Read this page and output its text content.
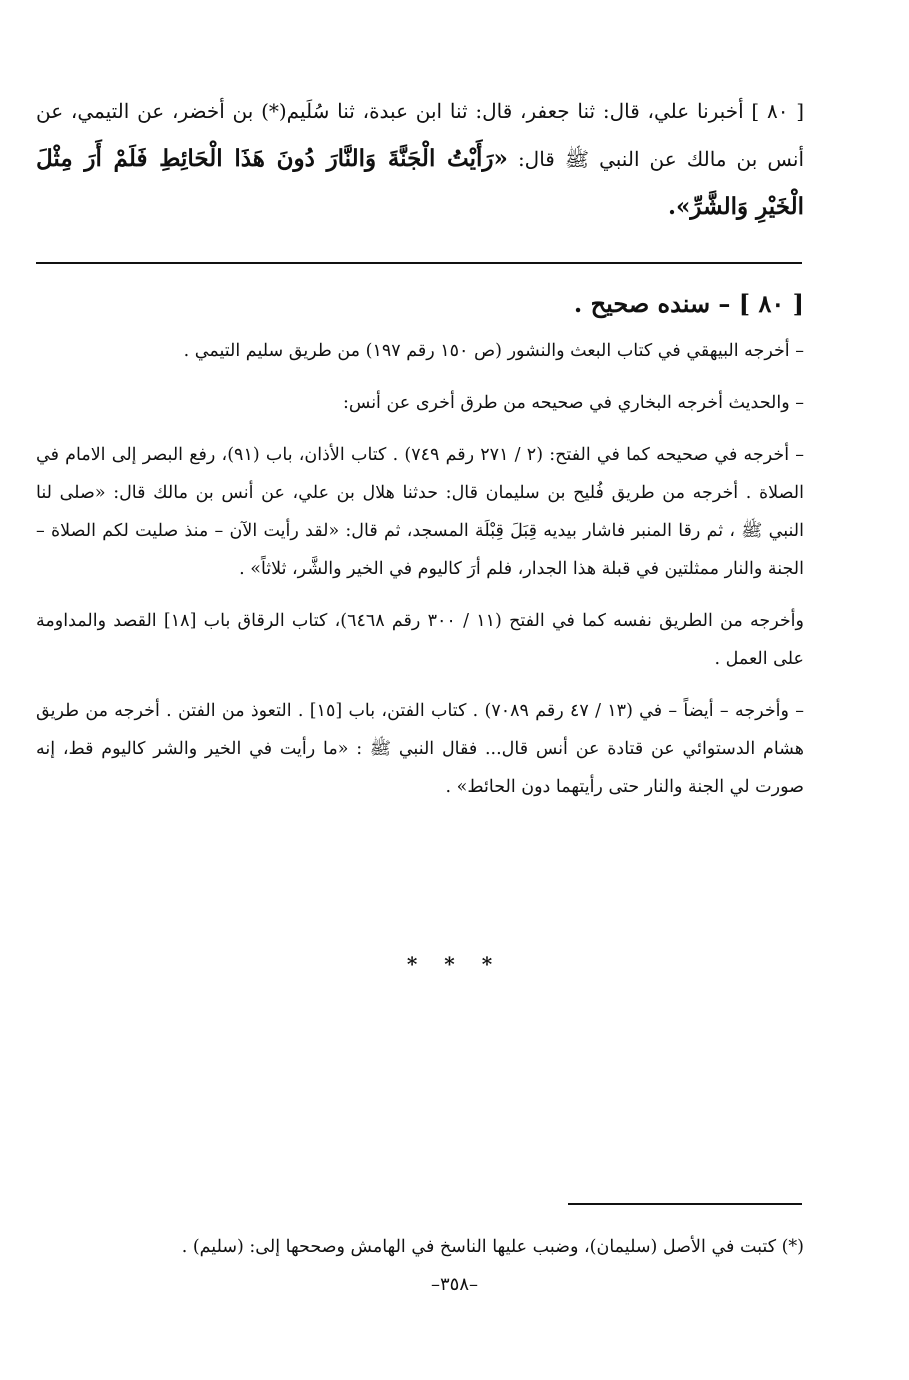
[ ٨٠ ] أخبرنا علي، قال: ثنا جعفر، قال: ثنا ابن عبدة، ثنا سُلَيم(*) بن أخضر، عن التيمي، عن أنس بن مالك عن النبي ﷺ قال: «رَأَيْتُ الْجَنَّةَ وَالنَّارَ دُونَ هَذَا الْحَائِطِ فَلَمْ أَرَ مِثْلَ الْخَيْرِ وَالشَّرِّ».
[ ٨٠ ] – سنده صحيح .

– أخرجه البيهقي في كتاب البعث والنشور (ص ١٥٠ رقم ١٩٧) من طريق سليم التيمي .

– والحديث أخرجه البخاري في صحيحه من طرق أخرى عن أنس:

– أخرجه في صحيحه كما في الفتح: (٢ / ٢٧١ رقم ٧٤٩) . كتاب الأذان، باب (٩١)، رفع البصر إلى الامام في الصلاة . أخرجه من طريق فُليح بن سليمان قال: حدثنا هلال بن علي، عن أنس بن مالك قال: «صلى لنا النبي ﷺ ، ثم رقا المنبر فاشار بيديه قِبَلَ قِبْلَة المسجد، ثم قال: «لقد رأيت الآن – منذ صليت لكم الصلاة – الجنة والنار ممثلتين في قبلة هذا الجدار، فلم أرَ كاليوم في الخير والشَّر، ثلاثاً» .

وأخرجه من الطريق نفسه كما في الفتح (١١ / ٣٠٠ رقم ٦٤٦٨)، كتاب الرقاق باب [١٨] القصد والمداومة على العمل .

– وأخرجه – أيضاً – في (١٣ / ٤٧ رقم ٧٠٨٩) . كتاب الفتن، باب [١٥] . التعوذ من الفتن . أخرجه من طريق هشام الدستوائي عن قتادة عن أنس قال... فقال النبي ﷺ : «ما رأيت في الخير والشر كاليوم قط، إنه صورت لي الجنة والنار حتى رأيتهما دون الحائط» .

* * *
(*) كتبت في الأصل (سليمان)، وضبب عليها الناسخ في الهامش وصححها إلى: (سليم) .
–٣٥٨–
